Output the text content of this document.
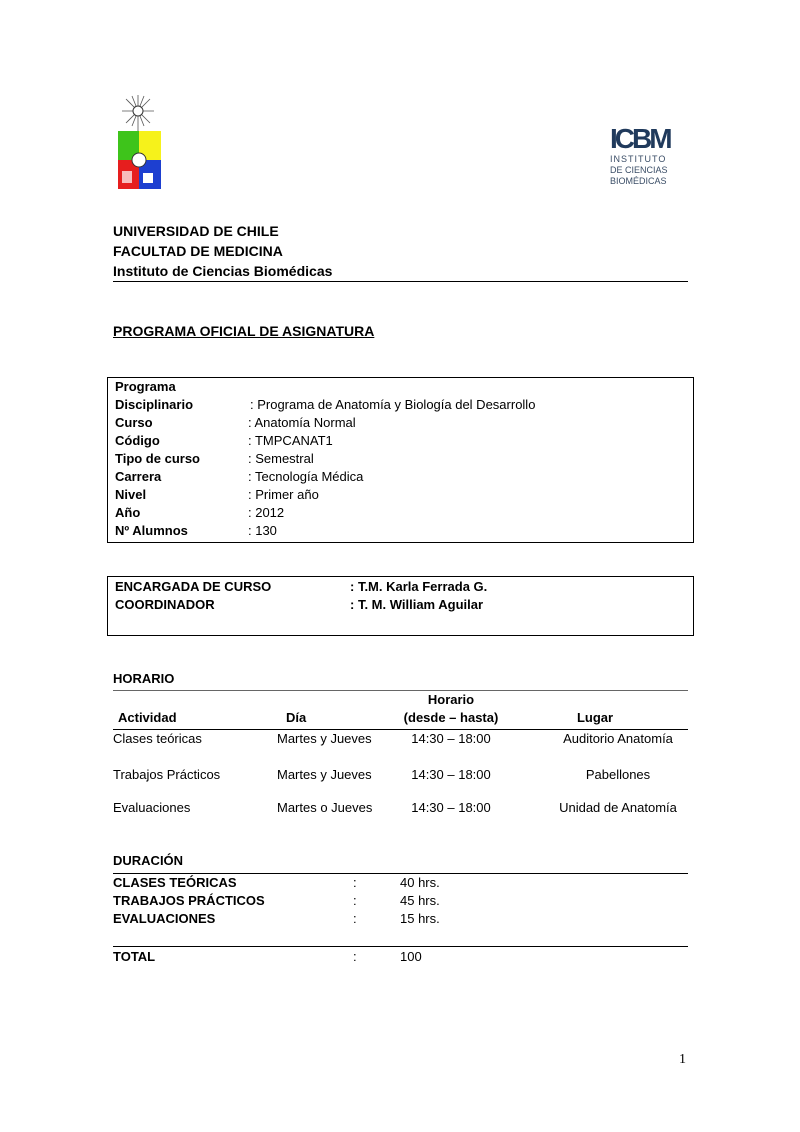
ICBM
INSTITUTO
DE CIENCIAS
BIOMÉDICAS
UNIVERSIDAD DE CHILE
FACULTAD DE MEDICINA
Instituto de Ciencias Biomédicas
PROGRAMA OFICIAL DE ASIGNATURA
ENCARGADA DE CURSO	: T.M. Karla Ferrada G.
COORDINADOR	: T. M. William Aguilar
HORARIO
Horario
Actividad	Día	(desde – hasta)	Lugar
DURACIÓN
TOTAL	:	100
1
Programa
Disciplinario	: Programa de Anatomía y Biología del Desarrollo
Curso	: Anatomía Normal
Código	: TMPCANAT1
Tipo de curso	: Semestral
Carrera	: Tecnología Médica
Nivel	: Primer año
Año	: 2012
Nº Alumnos	: 130
Clases teóricas	Martes y Jueves	14:30 – 18:00	Auditorio Anatomía
Trabajos Prácticos	Martes y Jueves	14:30 – 18:00	Pabellones
Evaluaciones	Martes o Jueves	14:30 – 18:00	Unidad de Anatomía
CLASES TEÓRICAS	:	40 hrs.
TRABAJOS PRÁCTICOS	:	45 hrs.
EVALUACIONES	:	15 hrs.
